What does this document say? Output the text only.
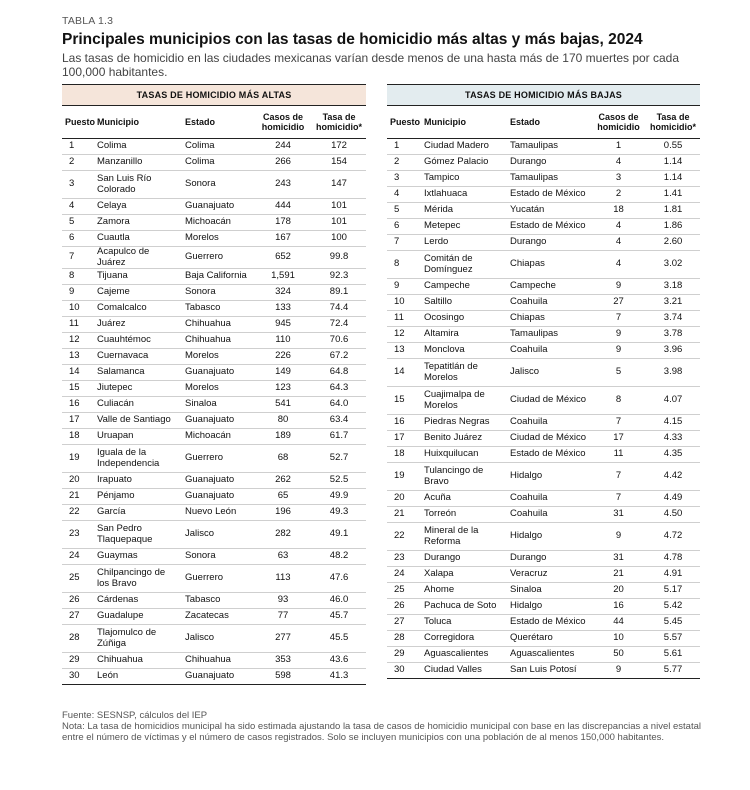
TABLA 1.3
Principales municipios con las tasas de homicidio más altas y más bajas, 2024
Las tasas de homicidio en las ciudades mexicanas varían desde menos de una hasta más de 170 muertes por cada 100,000 habitantes.
TASAS DE HOMICIDIO MÁS ALTAS				
Puesto	Municipio	Estado	Casos de homicidio	Tasa de homicidio*
1	Colima	Colima	244	172
2	Manzanillo	Colima	266	154
3	San Luis Río Colorado	Sonora	243	147
4	Celaya	Guanajuato	444	101
5	Zamora	Michoacán	178	101
6	Cuautla	Morelos	167	100
7	Acapulco de Juárez	Guerrero	652	99.8
8	Tijuana	Baja California	1,591	92.3
9	Cajeme	Sonora	324	89.1
10	Comalcalco	Tabasco	133	74.4
11	Juárez	Chihuahua	945	72.4
12	Cuauhtémoc	Chihuahua	110	70.6
13	Cuernavaca	Morelos	226	67.2
14	Salamanca	Guanajuato	149	64.8
15	Jiutepec	Morelos	123	64.3
16	Culiacán	Sinaloa	541	64.0
17	Valle de Santiago	Guanajuato	80	63.4
18	Uruapan	Michoacán	189	61.7
19	Iguala de la Independencia	Guerrero	68	52.7
20	Irapuato	Guanajuato	262	52.5
21	Pénjamo	Guanajuato	65	49.9
22	García	Nuevo León	196	49.3
23	San Pedro Tlaquepaque	Jalisco	282	49.1
24	Guaymas	Sonora	63	48.2
25	Chilpancingo de los Bravo	Guerrero	113	47.6
26	Cárdenas	Tabasco	93	46.0
27	Guadalupe	Zacatecas	77	45.7
28	Tlajomulco de Zúñiga	Jalisco	277	45.5
29	Chihuahua	Chihuahua	353	43.6
30	León	Guanajuato	598	41.3
TASAS DE HOMICIDIO MÁS BAJAS				
Puesto	Municipio	Estado	Casos de homicidio	Tasa de homicidio*
1	Ciudad Madero	Tamaulipas	1	0.55
2	Gómez Palacio	Durango	4	1.14
3	Tampico	Tamaulipas	3	1.14
4	Ixtlahuaca	Estado de México	2	1.41
5	Mérida	Yucatán	18	1.81
6	Metepec	Estado de México	4	1.86
7	Lerdo	Durango	4	2.60
8	Comitán de Domínguez	Chiapas	4	3.02
9	Campeche	Campeche	9	3.18
10	Saltillo	Coahuila	27	3.21
11	Ocosingo	Chiapas	7	3.74
12	Altamira	Tamaulipas	9	3.78
13	Monclova	Coahuila	9	3.96
14	Tepatitlán de Morelos	Jalisco	5	3.98
15	Cuajimalpa de Morelos	Ciudad de México	8	4.07
16	Piedras Negras	Coahuila	7	4.15
17	Benito Juárez	Ciudad de México	17	4.33
18	Huixquilucan	Estado de México	11	4.35
19	Tulancingo de Bravo	Hidalgo	7	4.42
20	Acuña	Coahuila	7	4.49
21	Torreón	Coahuila	31	4.50
22	Mineral de la Reforma	Hidalgo	9	4.72
23	Durango	Durango	31	4.78
24	Xalapa	Veracruz	21	4.91
25	Ahome	Sinaloa	20	5.17
26	Pachuca de Soto	Hidalgo	16	5.42
27	Toluca	Estado de México	44	5.45
28	Corregidora	Querétaro	10	5.57
29	Aguascalientes	Aguascalientes	50	5.61
30	Ciudad Valles	San Luis Potosí	9	5.77
Fuente: SESNSP, cálculos del IEP
Nota: La tasa de homicidios municipal ha sido estimada ajustando la tasa de casos de homicidio municipal con base en las discrepancias a nivel estatal entre el número de víctimas y el número de casos registrados. Solo se incluyen municipios con una población de al menos 150,000 habitantes.
